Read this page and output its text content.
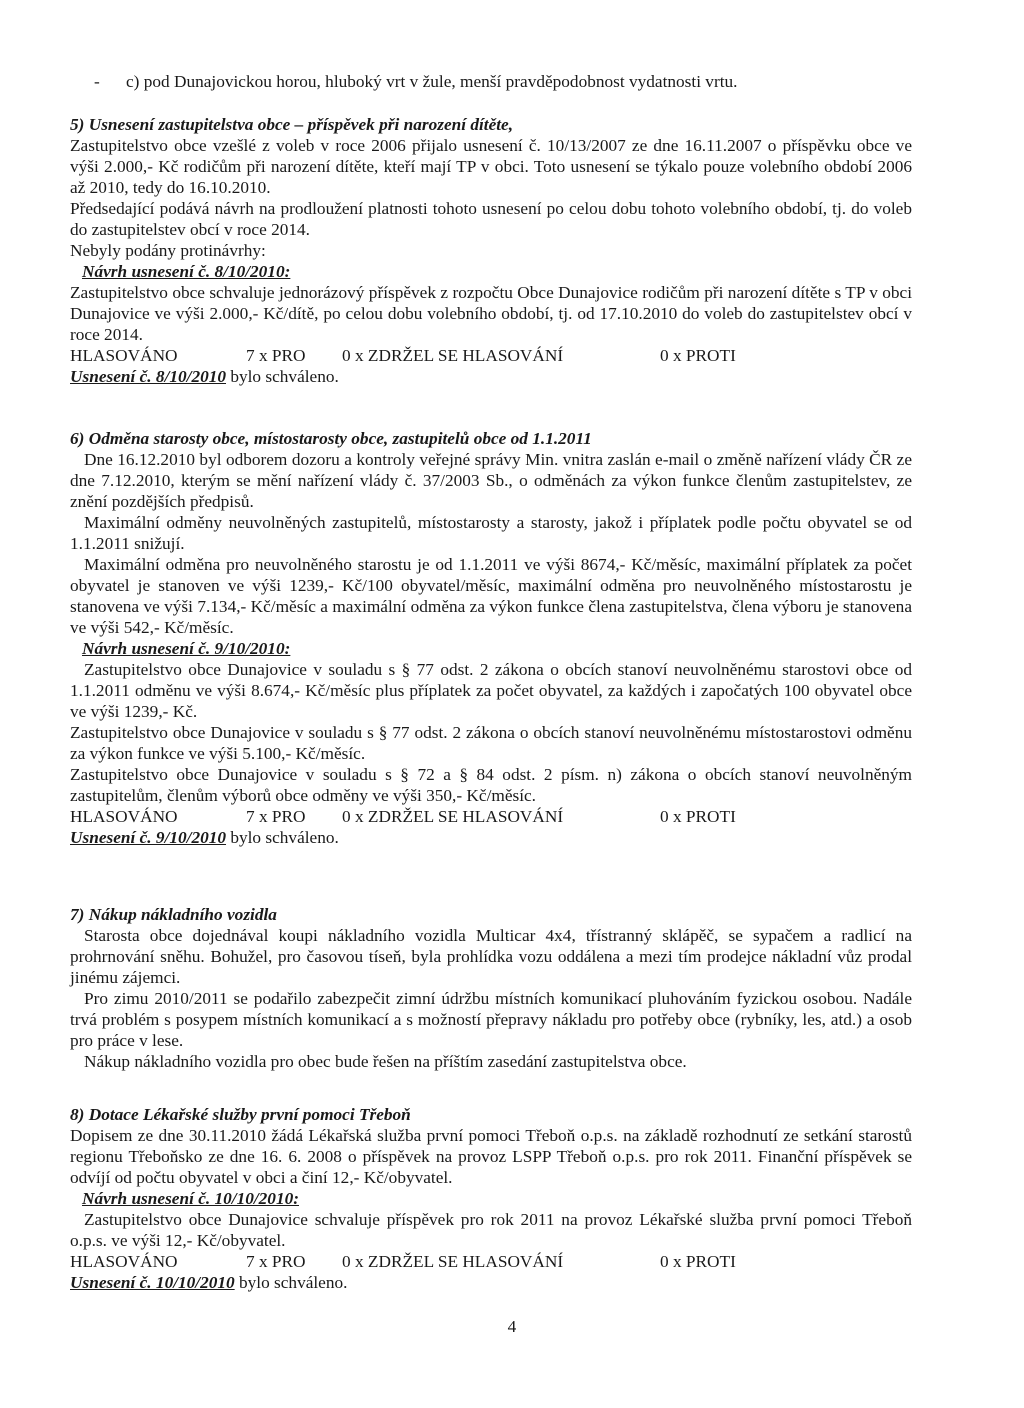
- c) pod Dunajovickou horou, hluboký vrt v žule, menší pravděpodobnost vydatnosti vrtu.

5) Usnesení zastupitelstva obce – příspěvek při narození dítěte,

Zastupitelstvo obce vzešlé z voleb v roce 2006 přijalo usnesení č. 10/13/2007 ze dne 16.11.2007 o příspěvku obce ve výši 2.000,- Kč rodičům při narození dítěte, kteří mají TP v obci. Toto usnesení se týkalo pouze volebního období 2006 až 2010, tedy do 16.10.2010.

Předsedající podává návrh na prodloužení platnosti tohoto usnesení po celou dobu tohoto volebního období, tj. do voleb do zastupitelstev obcí v roce 2014.

Nebyly podány protinávrhy:

Návrh usnesení č. 8/10/2010:

Zastupitelstvo obce schvaluje jednorázový příspěvek z rozpočtu Obce Dunajovice rodičům při narození dítěte s TP v obci Dunajovice ve výši 2.000,- Kč/dítě, po celou dobu volebního období, tj. od 17.10.2010 do voleb do zastupitelstev obcí v roce 2014.

HLASOVÁNO	7 x PRO 0 x ZDRŽEL SE HLASOVÁNÍ	0 x PROTI

Usnesení č. 8/10/2010 bylo schváleno.

6) Odměna starosty obce, místostarosty obce, zastupitelů obce od 1.1.2011

Dne 16.12.2010 byl odborem dozoru a kontroly veřejné správy Min. vnitra zaslán e-mail o změně nařízení vlády ČR ze dne 7.12.2010, kterým se mění nařízení vlády č. 37/2003 Sb., o odměnách za výkon funkce členům zastupitelstev, ze znění pozdějších předpisů.

Maximální odměny neuvolněných zastupitelů, místostarosty a starosty, jakož i příplatek podle počtu obyvatel se od 1.1.2011 snižují.

Maximální odměna pro neuvolněného starostu je od 1.1.2011 ve výši 8674,- Kč/měsíc, maximální příplatek za počet obyvatel je stanoven ve výši 1239,- Kč/100 obyvatel/měsíc, maximální odměna pro neuvolněného místostarostu je stanovena ve výši 7.134,- Kč/měsíc a maximální odměna za výkon funkce člena zastupitelstva, člena výboru je stanovena ve výši 542,- Kč/měsíc.

Návrh usnesení č. 9/10/2010:

Zastupitelstvo obce Dunajovice v souladu s § 77 odst. 2 zákona o obcích stanoví neuvolněnému starostovi obce od 1.1.2011 odměnu ve výši 8.674,- Kč/měsíc plus příplatek za počet obyvatel, za každých i započatých 100 obyvatel obce ve výši 1239,- Kč.

Zastupitelstvo obce Dunajovice v souladu s § 77 odst. 2 zákona o obcích stanoví neuvolněnému místostarostovi odměnu za výkon funkce ve výši 5.100,- Kč/měsíc.

Zastupitelstvo obce Dunajovice v souladu s § 72 a § 84 odst. 2 písm. n) zákona o obcích stanoví neuvolněným zastupitelům, členům výborů obce odměny ve výši 350,- Kč/měsíc.

HLASOVÁNO	7 x PRO 0 x ZDRŽEL SE HLASOVÁNÍ	0 x PROTI

Usnesení č. 9/10/2010 bylo schváleno.

7) Nákup nákladního vozidla

Starosta obce dojednával koupi nákladního vozidla Multicar 4x4, třístranný sklápěč, se sypačem a radlicí na prohrnování sněhu. Bohužel, pro časovou tíseň, byla prohlídka vozu oddálena a mezi tím prodejce nákladní vůz prodal jinému zájemci.

Pro zimu 2010/2011 se podařilo zabezpečit zimní údržbu místních komunikací pluhováním fyzickou osobou. Nadále trvá problém s posypem místních komunikací a s možností přepravy nákladu pro potřeby obce (rybníky, les, atd.) a osob pro práce v lese.

Nákup nákladního vozidla pro obec bude řešen na příštím zasedání zastupitelstva obce.

8) Dotace Lékařské služby první pomoci Třeboň

Dopisem ze dne 30.11.2010 žádá Lékařská služba první pomoci Třeboň o.p.s. na základě rozhodnutí ze setkání starostů regionu Třeboňsko ze dne 16. 6. 2008 o příspěvek na provoz LSPP Třeboň o.p.s. pro rok 2011. Finanční příspěvek se odvíjí od počtu obyvatel v obci a činí 12,- Kč/obyvatel.

Návrh usnesení č. 10/10/2010:

Zastupitelstvo obce Dunajovice schvaluje příspěvek pro rok 2011 na provoz Lékařské služba první pomoci Třeboň o.p.s. ve výši 12,- Kč/obyvatel.

HLASOVÁNO	7 x PRO 0 x ZDRŽEL SE HLASOVÁNÍ	0 x PROTI

Usnesení č. 10/10/2010 bylo schváleno.

4
